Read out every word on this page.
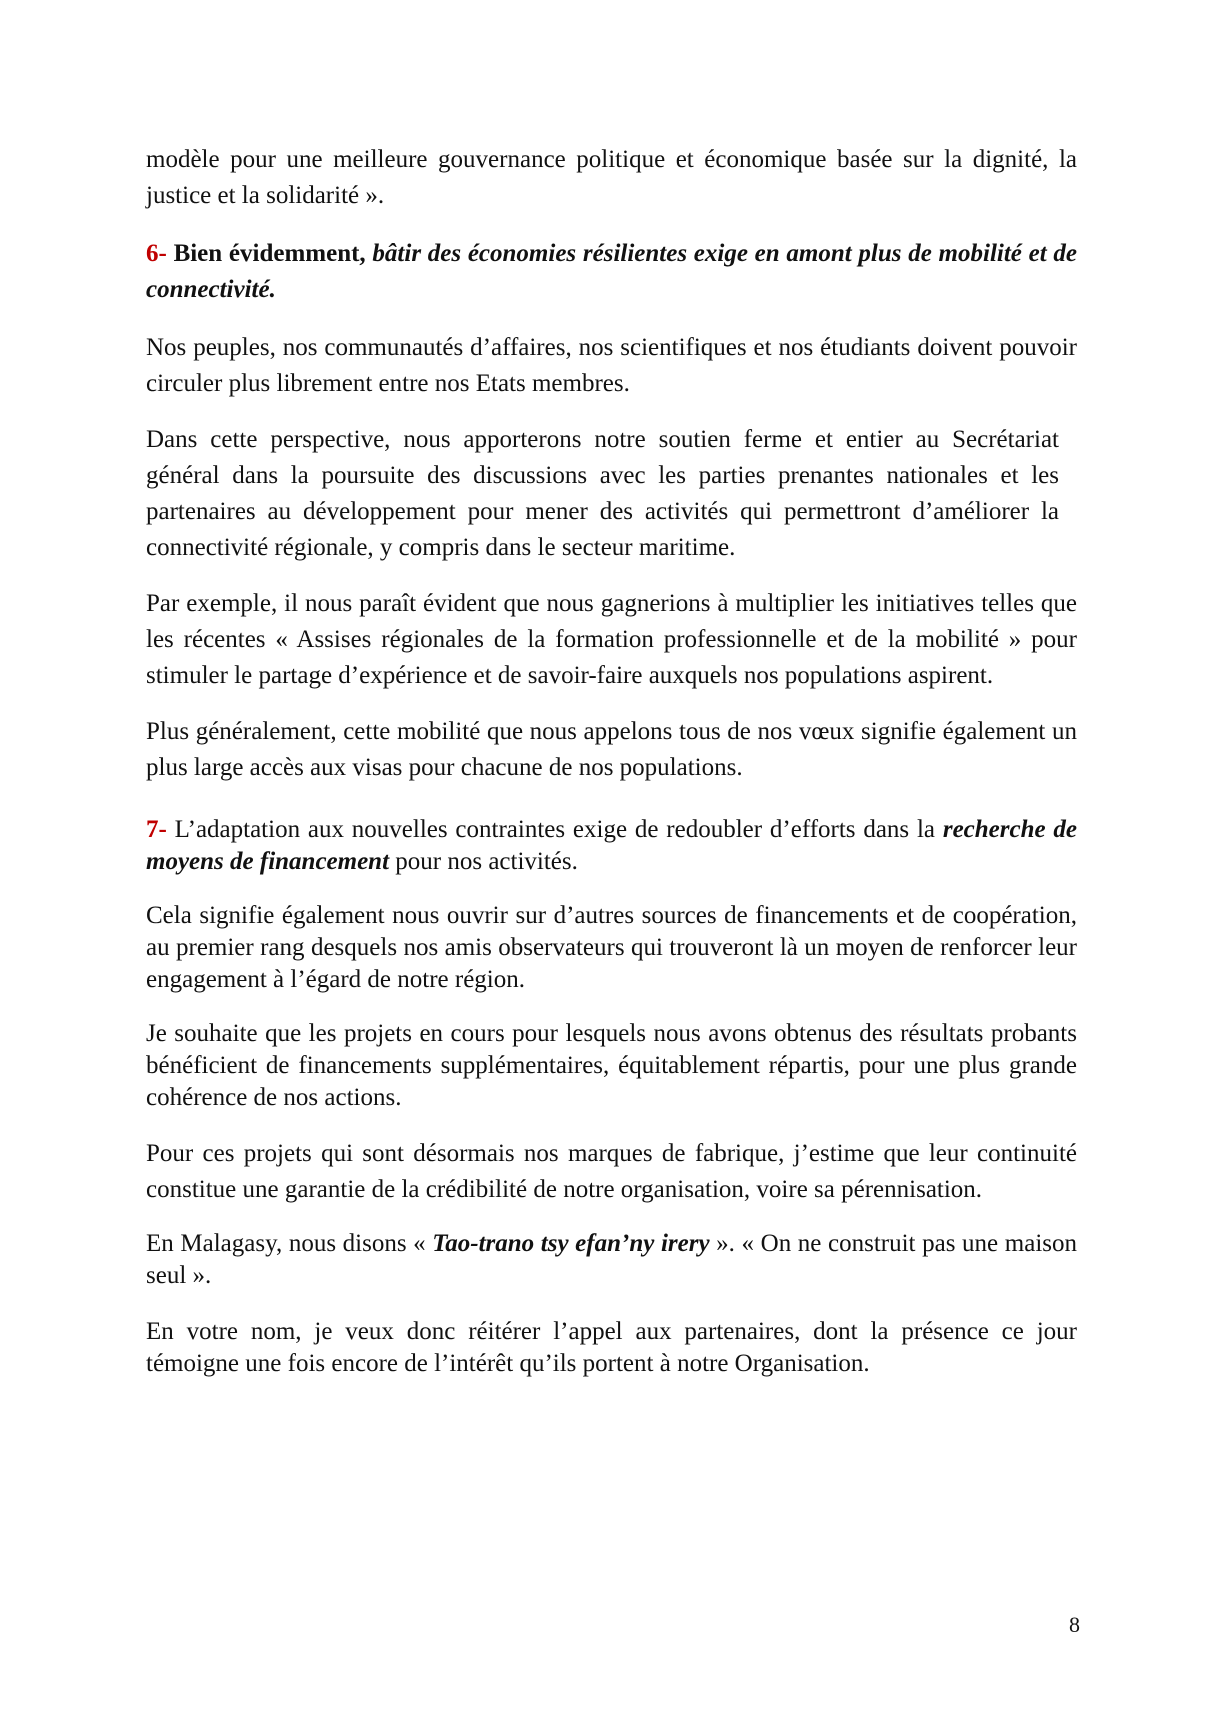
modèle pour une meilleure gouvernance politique et économique basée sur la dignité, la justice et la solidarité ».

6- Bien évidemment, bâtir des économies résilientes exige en amont plus de mobilité et de connectivité.

Nos peuples, nos communautés d’affaires, nos scientifiques et nos étudiants doivent pouvoir circuler plus librement entre nos Etats membres.

Dans cette perspective, nous apporterons notre soutien ferme et entier au Secrétariat général dans la poursuite des discussions avec les parties prenantes nationales et les partenaires au développement pour mener des activités qui permettront d’améliorer la connectivité régionale, y compris dans le secteur maritime.

Par exemple, il nous paraît évident que nous gagnerions à multiplier les initiatives telles que les récentes « Assises régionales de la formation professionnelle et de la mobilité » pour stimuler le partage d’expérience et de savoir-faire auxquels nos populations aspirent.

Plus généralement, cette mobilité que nous appelons tous de nos vœux signifie également un plus large accès aux visas pour chacune de nos populations.

7- L’adaptation aux nouvelles contraintes exige de redoubler d’efforts dans la recherche de moyens de financement pour nos activités.

Cela signifie également nous ouvrir sur d’autres sources de financements et de coopération, au premier rang desquels nos amis observateurs qui trouveront là un moyen de renforcer leur engagement à l’égard de notre région.

Je souhaite que les projets en cours pour lesquels nous avons obtenus des résultats probants bénéficient de financements supplémentaires, équitablement répartis, pour une plus grande cohérence de nos actions.

Pour ces projets qui sont désormais nos marques de fabrique, j’estime que leur continuité constitue une garantie de la crédibilité de notre organisation, voire sa pérennisation.

En Malagasy, nous disons « Tao-trano tsy efan’ny irery ». « On ne construit pas une maison seul ».

En votre nom, je veux donc réitérer l’appel aux partenaires, dont la présence ce jour témoigne une fois encore de l’intérêt qu’ils portent à notre Organisation.

8
